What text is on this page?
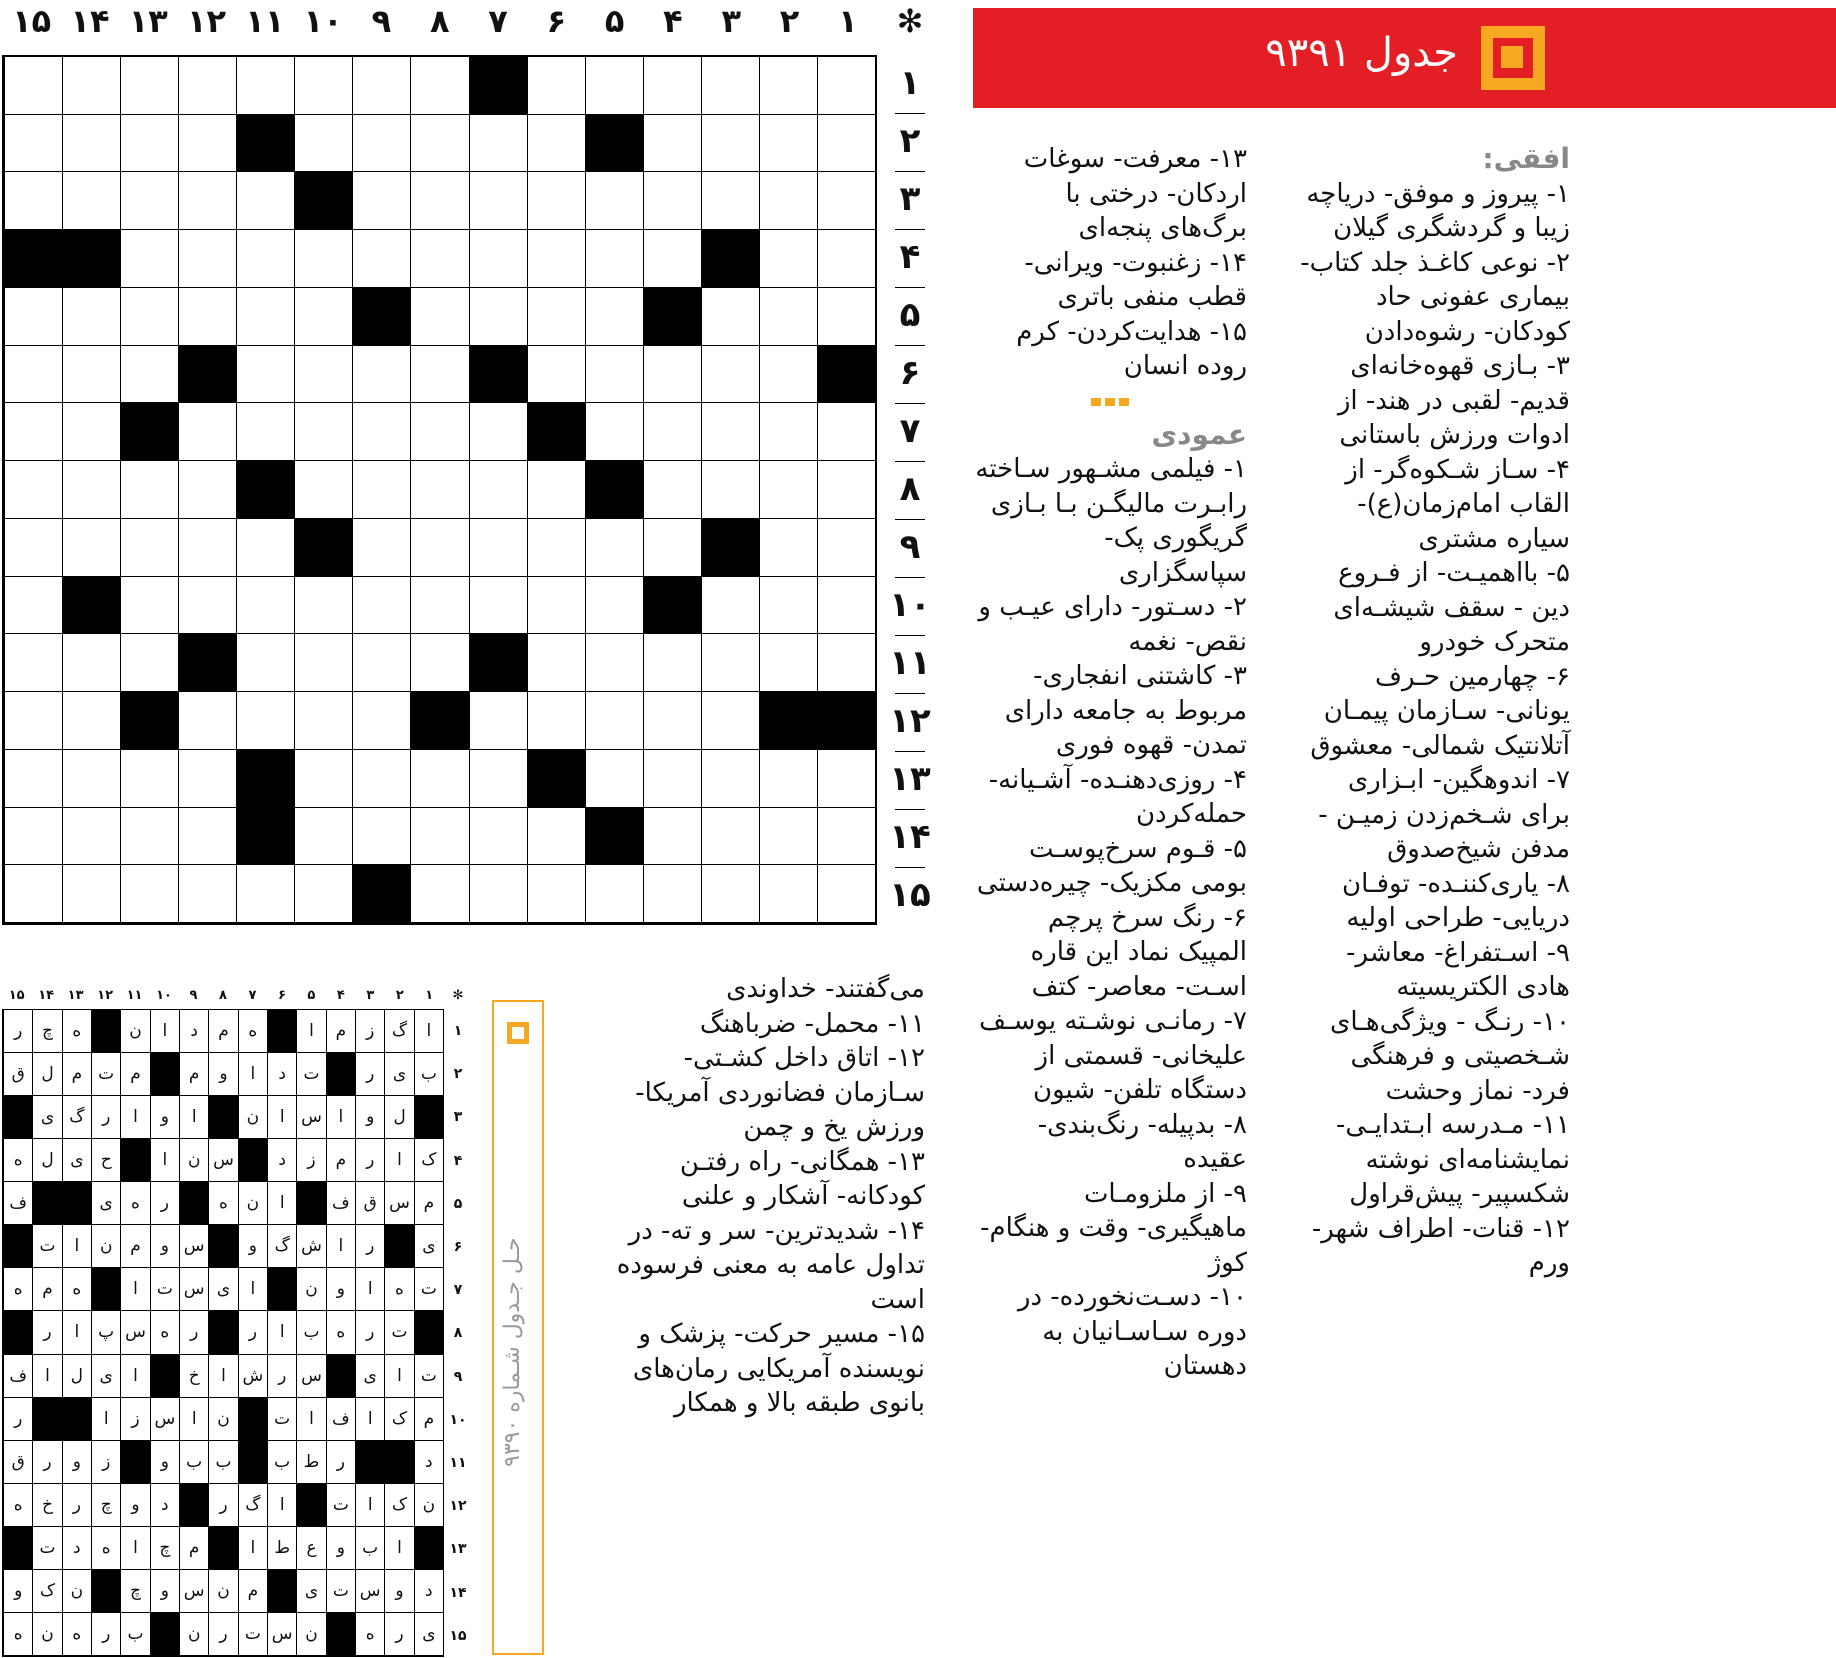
۱
۲
۳
۴
۵
۶
۷
۸
۹
۱۰
۱۱
۱۲
۱۳
۱۴
۱۵	✻
۱
۲
۳
۴
۵
۶
۷
۸
۹
۱۰
۱۱
۱۲
۱۳
۱۴
۱۵
جدول ۹۳۹۱

افقی:

۱- پیروز و موفق- دریاچه زیبا و گردشگری گیلان

۲- نوعی کاغـذ جلد کتاب- بیماری عفونی حاد کودکان- رشوه‌دادن

۳- بـازی قهوه‌خانه‌ای قدیم- لقبی در هند- از ادوات ورزش باستانی

۴- سـاز شـکوه‌گر- از القاب امام‌زمان(ع)- سیاره مشتری

۵- بااهمیـت- از فـروع دین - سقف شیشـه‌ای متحرک خودرو

۶- چهارمین حـرف یونانی- سـازمان پیمـان آتلانتیک شمالی- معشوق

۷- اندوهگین- ابـزاری برای شـخم‌زدن زمیـن - مدفن شیخ‌صدوق

۸- یاری‌کننـده- توفـان دریایی- طراحی اولیه

۹- اسـتفراغ- معاشر- هادی الکتریسیته

۱۰- رنـگ - ویژگی‌هـای شـخصیتی و فرهنگی فرد- نماز وحشت

۱۱- مـدرسه ابـتدایـی- نمایشنامه‌ای نوشته شکسپیر- پیش‌قراول

۱۲- قنات- اطراف شهر- ورم

۱۳- معرفت- سوغات اردکان- درختی با برگ‌های پنجه‌ای

۱۴- زغنبوت- ویرانی- قطب منفی باتری

۱۵- هدایت‌کردن- کرم روده انسان

عمودی

۱- فیلمی مشـهور سـاخته رابـرت مالیگـن بـا بـازی گریگوری پک- سپاسگزاری

۲- دسـتور- دارای عیـب و نقص- نغمه

۳- کاشتنی انفجاری- مربوط به جامعه دارای تمدن- قهوه فوری

۴- روزی‌دهنـده- آشـیانه- حمله‌کردن

۵- قـوم سرخ‌پوسـت بومی مکزیک- چیره‌دستی

۶- رنگ سرخ پرچم المپیک نماد این قاره اسـت- معاصر- کتف

۷- رمانـی نوشـته یوسـف علیخانی- قسمتی از دستگاه تلفن- شیون

۸- بدپیله- رنگ‌بندی- عقیده

۹- از ملزومـات ماهیگیری- وقت و هنگام- کوژ

۱۰- دسـت‌نخورده- در دوره سـاسـانیان به دهستان

می‌گفتند- خداوندی

۱۱- محمل- ضرباهنگ

۱۲- اتاق داخل کشـتی- سـازمان فضانوردی آمریکا- ورزش یخ و چمن

۱۳- همگانی- راه رفتـن کودکانه- آشکار و علنی

۱۴- شدیدترین- سر و ته- در تداول عامه به معنی فرسوده است

۱۵- مسیر حرکت- پزشک و نویسنده آمریکایی رمان‌های بانوی طبقه بالا و همکار

حـل جـدول شـماره ۹۳۹۰
۱
۲
۳
۴
۵
۶
۷
۸
۹
۱۰
۱۱
۱۲
۱۳
۱۴
۱۵	✻
ا
گ
ز
م
ا
ه
م
د
ا
ن
ه
چ
ر
ب
ی
ر
ت
د
ا
و
م
م
ت
م
ل
ق
ل
و
ا
س
ا
ن
ا
و
ا
ر
گ
ی
ک
ا
ر
م
ز
د
س
ن
ا
ح
ی
ل
ه
م
س
ق
ف
ا
ن
ه
ر
ه
ی
ف
ی
ر
ا
ش
گ
و
س
و
م
ن
ا
ت
ت
ه
ا
و
ن
ا
ی
س
ت
ا
ه
م
ه
ت
ر
ه
ب
ا
ر
ر
ه
س
پ
ا
ر
ت
ا
ی
س
ر
ش
ا
خ
ا
ی
ل
ا
ف
م
ک
ا
ف
ا
ت
ن
ا
س
ز
ا
ر
د
ر
ط
ب
ب
ب
و
ز
و
ر
ق
ن
ک
ا
ت
ا
گ
ر
د
و
چ
ر
خ
ه
ا
ب
و
ع
ط
ا
م
چ
ا
ه
د
ت
د
و
س
ت
ی
م
ن
س
و
چ
ن
ک
و
ی
ر
ه
ن
س
ت
ر
ن
ب
ر
ه
ن
ه
۱
۲
۳
۴
۵
۶
۷
۸
۹
۱۰
۱۱
۱۲
۱۳
۱۴
۱۵
